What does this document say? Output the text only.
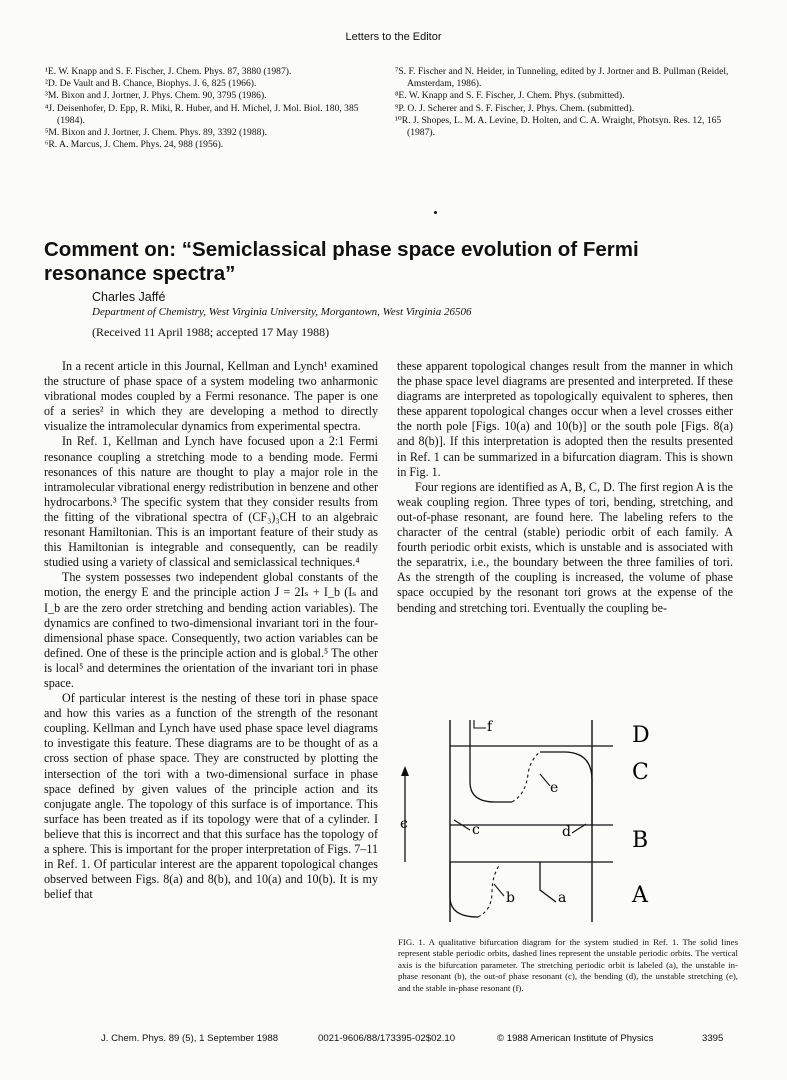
Letters to the Editor
¹E. W. Knapp and S. F. Fischer, J. Chem. Phys. 87, 3880 (1987).
²D. De Vault and B. Chance, Biophys. J. 6, 825 (1966).
³M. Bixon and J. Jortner, J. Phys. Chem. 90, 3795 (1986).
⁴J. Deisenhofer, D. Epp, R. Miki, R. Huber, and H. Michel, J. Mol. Biol. 180, 385 (1984).
⁵M. Bixon and J. Jortner, J. Chem. Phys. 89, 3392 (1988).
⁶R. A. Marcus, J. Chem. Phys. 24, 988 (1956).
⁷S. F. Fischer and N. Heider, in Tunneling, edited by J. Jortner and B. Pullman (Reidel, Amsterdam, 1986).
⁸E. W. Knapp and S. F. Fischer, J. Chem. Phys. (submitted).
⁹P. O. J. Scherer and S. F. Fischer, J. Phys. Chem. (submitted).
¹⁰R. J. Shopes, L. M. A. Levine, D. Holten, and C. A. Wraight, Photsyn. Res. 12, 165 (1987).
Comment on: “Semiclassical phase space evolution of Fermi resonance spectra”
Charles Jaffé
Department of Chemistry, West Virginia University, Morgantown, West Virginia 26506
(Received 11 April 1988; accepted 17 May 1988)

In a recent article in this Journal, Kellman and Lynch¹ examined the structure of phase space of a system modeling two anharmonic vibrational modes coupled by a Fermi resonance. The paper is one of a series² in which they are developing a method to directly visualize the intramolecular dynamics from experimental spectra.

In Ref. 1, Kellman and Lynch have focused upon a 2:1 Fermi resonance coupling a stretching mode to a bending mode. Fermi resonances of this nature are thought to play a major role in the intramolecular vibrational energy redistribution in benzene and other hydrocarbons.³ The specific system that they consider results from the fitting of the vibrational spectra of (CF₃)₃CH to an algebraic resonant Hamiltonian. This is an important feature of their study as this Hamiltonian is integrable and consequently, can be readily studied using a variety of classical and semiclassical techniques.⁴

The system possesses two independent global constants of the motion, the energy E and the principle action J = 2Iₛ + I_b (Iₛ and I_b are the zero order stretching and bending action variables). The dynamics are confined to two-dimensional invariant tori in the four-dimensional phase space. Consequently, two action variables can be defined. One of these is the principle action and is global.⁵ The other is local⁵ and determines the orientation of the invariant tori in phase space.

Of particular interest is the nesting of these tori in phase space and how this varies as a function of the strength of the resonant coupling. Kellman and Lynch have used phase space level diagrams to investigate this feature. These diagrams are to be thought of as a cross section of phase space. They are constructed by plotting the intersection of the tori with a two-dimensional surface in phase space defined by given values of the principle action and its conjugate angle. The topology of this surface is of importance. This surface has been treated as if its topology were that of a cylinder. I believe that this is incorrect and that this surface has the topology of a sphere. This is important for the proper interpretation of Figs. 7–11 in Ref. 1. Of particular interest are the apparent topological changes observed between Figs. 8(a) and 8(b), and 10(a) and 10(b). It is my belief that

these apparent topological changes result from the manner in which the phase space level diagrams are presented and interpreted. If these diagrams are interpreted as topologically equivalent to spheres, then these apparent topological changes occur when a level crosses either the north pole [Figs. 10(a) and 10(b)] or the south pole [Figs. 8(a) and 8(b)]. If this interpretation is adopted then the results presented in Ref. 1 can be summarized in a bifurcation diagram. This is shown in Fig. 1.

Four regions are identified as A, B, C, D. The first region A is the weak coupling region. Three types of tori, bending, stretching, and out-of-phase resonant, are found here. The labeling refers to the character of the central (stable) periodic orbit of each family. A fourth periodic orbit exists, which is unstable and is associated with the separatrix, i.e., the boundary between the three families of tori. As the strength of the coupling is increased, the volume of phase space occupied by the resonant tori grows at the expense of the bending and stretching tori. Eventually the coupling be-

ϵ
f
e
c	d
b	a
D
C
B
A

FIG. 1. A qualitative bifurcation diagram for the system studied in Ref. 1. The solid lines represent stable periodic orbits, dashed lines represent the unstable periodic orbits. The vertical axis is the bifurcation parameter. The stretching periodic orbit is labeled (a), the unstable in-phase resonant (b), the out-of phase resonant (c), the bending (d), the unstable stretching (e), and the stable in-phase resonant (f).

J. Chem. Phys. 89 (5), 1 September 1988	0021-9606/88/173395-02$02.10	© 1988 American Institute of Physics	3395
